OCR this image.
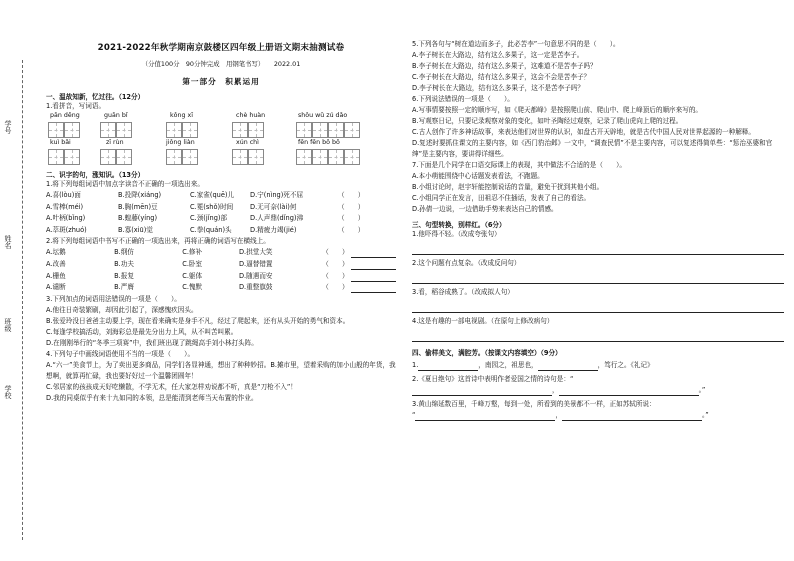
学号
姓名
班级
学校
2021-2022年秋学期南京鼓楼区四年级上册语文期末抽测试卷
（分值100分　90分钟完成　用钢笔书写）　　2022.01
第一部分　积累运用
一、温故知新，忆过往。（12分）
1.看拼音，写词语。
pān dēng	guān bǐ	kǒng xī	chè huàn	shǒu wǔ zú dǎo
kuì bǎi	zī rùn	jiǒng liàn	xún chì	fēn fēn bō bō
二、识字的句，涨知识。（13分）
1.将下列每组词语中加点字读音不正确的一项选出来。
A.喜(lòu)面	B.投降(xiáng)	C.家雀(quē)儿	D.宁(nìng)死不屈	（　　）
A.雪棒(méi)	B.胸(mēn)豆	C.冕(shǒ)时间	D.无可奈(lài)何	（　　）
A.叶柄(bǐng)	B.蝗藤(yíng)	C.颈(jǐng)部	D.人声鼎(dǐng)沸	（　　）
A.萃斑(zhuó)	B.寡(xiū)觉	C.拳(quán)头	D.精疲力竭(jié)	（　　）
2.将下列每组词语中书写不正确的一项选出来，再将正确的词语写在横线上。
A.坛鹅	B.纲仿	C.修补	D.拱堂大笑	（　　）
A.改善	B.功夫	C.卧室	D.逼替错置	（　　）
A.栅鱼	B.报复	C.躯体	D.随遇而安	（　　）
A.谴断	B.严膺	C.愧默	D.重整旗鼓	（　　）
3.下列加点的词语用法错误的一项是（　　）。
A.他往日奇装繁刷，却因此引起了，深感愧疚因头。
B.张爱玲没日爸爸主动要上学，现在看来确实是身手不凡，经过了爬起来，还有从头开始的勇气和资本。
C.每逢学校搞活动，刘海彩总是最先分出力上风，从不叫苦叫累。
D.在刚刚举行的“冬季三项赛”中，我们班出现了跳绳高手刘小林打头阵。
4.下列句子中画线词语使用不当的一项是（　　）。
A.“六一”美食节上，为了卖出更多商品，同学们各显神通，想出了种种妙招。B.摊市里，望着采购的加小山般的年货，我想啊，就算再忙碌，我也要好好过一个温馨团圆年！
C.邻居家的孩孩成天好吃懒散，不学无术，任大家怎样劝说都不听，真是“刀枪不入”！
D.我的同桌似乎有来十九如同的本领，总是能清到老师当天布置的作业。
5.下列各句与“树在道边而多子，此必苦李”一句意思不同的是（　　）。
A.李子树长在大路边，结有这么多果子，这一定是苦李子。
B.李子树长在大路边，结有这么多果子，这难道不是苦李子吗？
C.李子树长在大路边，结有这么多果子，这会不会是苦李子？
D.李子树长在大路边，结有这么多果子，这不是苦李子吗？
6.下列说法错误的一项是（　　）。
A.写事情要按照一定的顺序写，如《爬天都峰》是按照爬山前、爬山中、爬上峰顶后的顺序来写的。
B.写观察日记，只要记录观察对象的变化，如叶圣陶经过观察，记录了爬山虎向上爬的过程。
C.古人创作了许多神话故事，来表达他们对世界的认识，如盘古开天辟地，就是古代中国人民对世界起源的一种解释。
D.复述时要抓住课文的主要内容，如《西门豹治邺》一文中，“调查民情”不是主要内容，可以复述得简单些：“惩治巫婆和官绅”是主要内容，要讲得详细些。
7.下面是几个同学在口语交际课上的表现，其中做法不合适的是（　　）。
A.本小萌能围绕中心话题发表看法，不跑题。
B.小组讨论时，赵宇轩能控制说话的音量，避免干扰到其他小组。
C.小组同学正在发言，田祖忍不住插话，发表了自己的看法。
D.孙倩一边说，一边借助手势来表达自己的情感。
三、句型转换，别样红。（6分）
1.他吓得不轻。（改成夸张句）
2.这个问题有点复杂。（改成反问句）
3.看，稻谷成熟了。（改成拟人句）
4.这是有趣的一部电视剧。（在原句上修改病句）
四、偷样美文，满腔芳。（按课文内容填空）（9分）
1.	，南园之，祖思也，	，笃行之。《礼记》
2.《夏日绝句》这首诗中表明作者爱国之情的诗句是：“
，	。”
3.黄山绵延数百里，千峰万壑，每到一处，所看到的美景都不一样，正如苏轼所说：
“	，	。”
